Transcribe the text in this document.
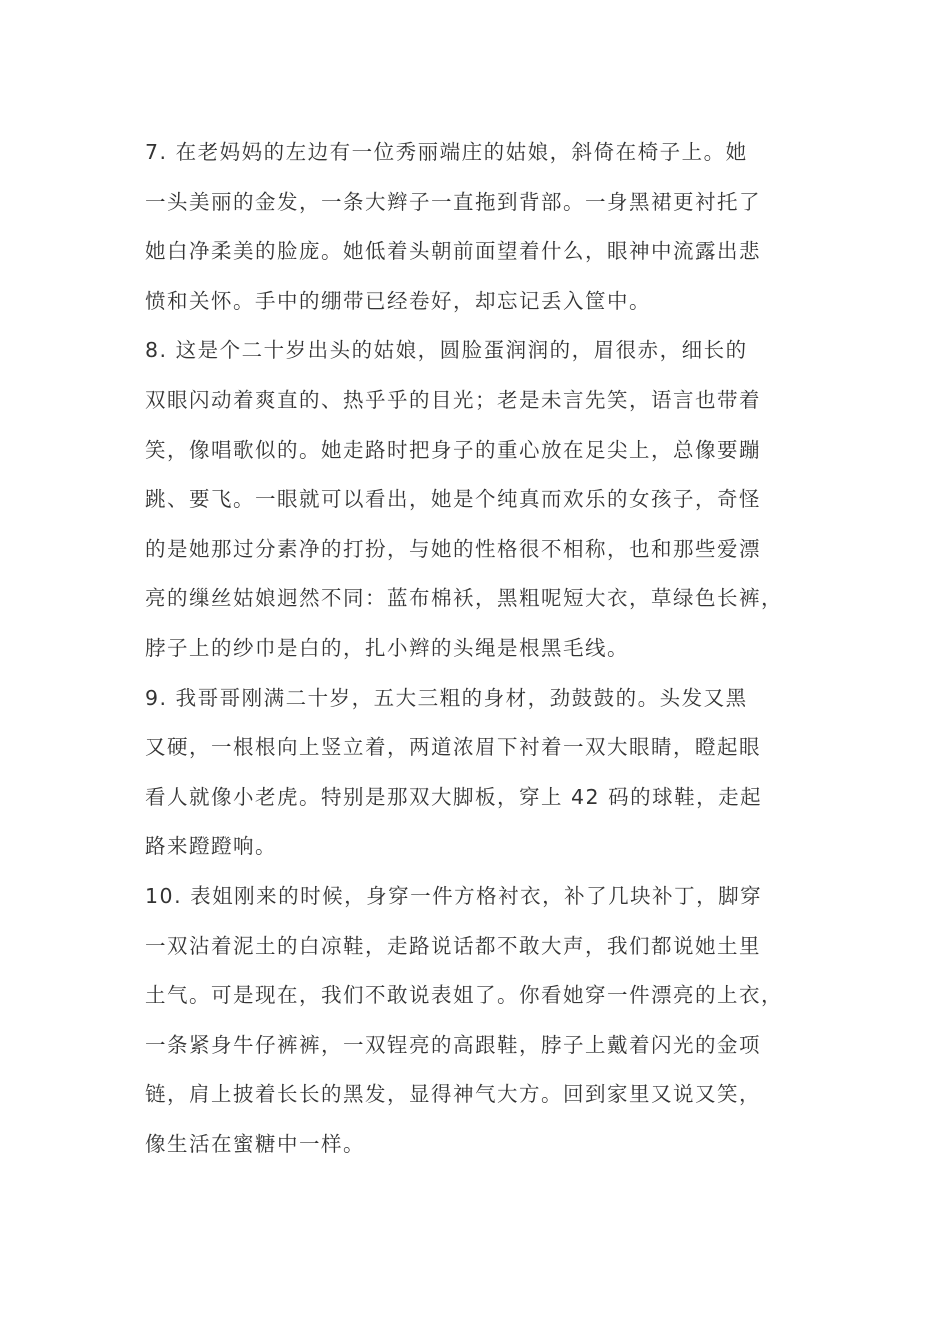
7. 在老妈妈的左边有一位秀丽端庄的姑娘，斜倚在椅子上。她
一头美丽的金发，一条大辫子一直拖到背部。一身黑裙更衬托了
她白净柔美的脸庞。她低着头朝前面望着什么，眼神中流露出悲
愤和关怀。手中的绷带已经卷好，却忘记丢入筐中。

8. 这是个二十岁出头的姑娘，圆脸蛋润润的，眉很赤，细长的
双眼闪动着爽直的、热乎乎的目光；老是未言先笑，语言也带着
笑，像唱歌似的。她走路时把身子的重心放在足尖上，总像要蹦
跳、要飞。一眼就可以看出，她是个纯真而欢乐的女孩子，奇怪
的是她那过分素净的打扮，与她的性格很不相称，也和那些爱漂
亮的缫丝姑娘迥然不同：蓝布棉袄，黑粗呢短大衣，草绿色长裤，
脖子上的纱巾是白的，扎小辫的头绳是根黑毛线。

9. 我哥哥刚满二十岁，五大三粗的身材，劲鼓鼓的。头发又黑
又硬，一根根向上竖立着，两道浓眉下衬着一双大眼睛，瞪起眼
看人就像小老虎。特别是那双大脚板，穿上 42 码的球鞋，走起
路来蹬蹬响。

10. 表姐刚来的时候，身穿一件方格衬衣，补了几块补丁，脚穿
一双沾着泥土的白凉鞋，走路说话都不敢大声，我们都说她土里
土气。可是现在，我们不敢说表姐了。你看她穿一件漂亮的上衣，
一条紧身牛仔裤裤，一双锃亮的高跟鞋，脖子上戴着闪光的金项
链，肩上披着长长的黑发，显得神气大方。回到家里又说又笑，
像生活在蜜糖中一样。
